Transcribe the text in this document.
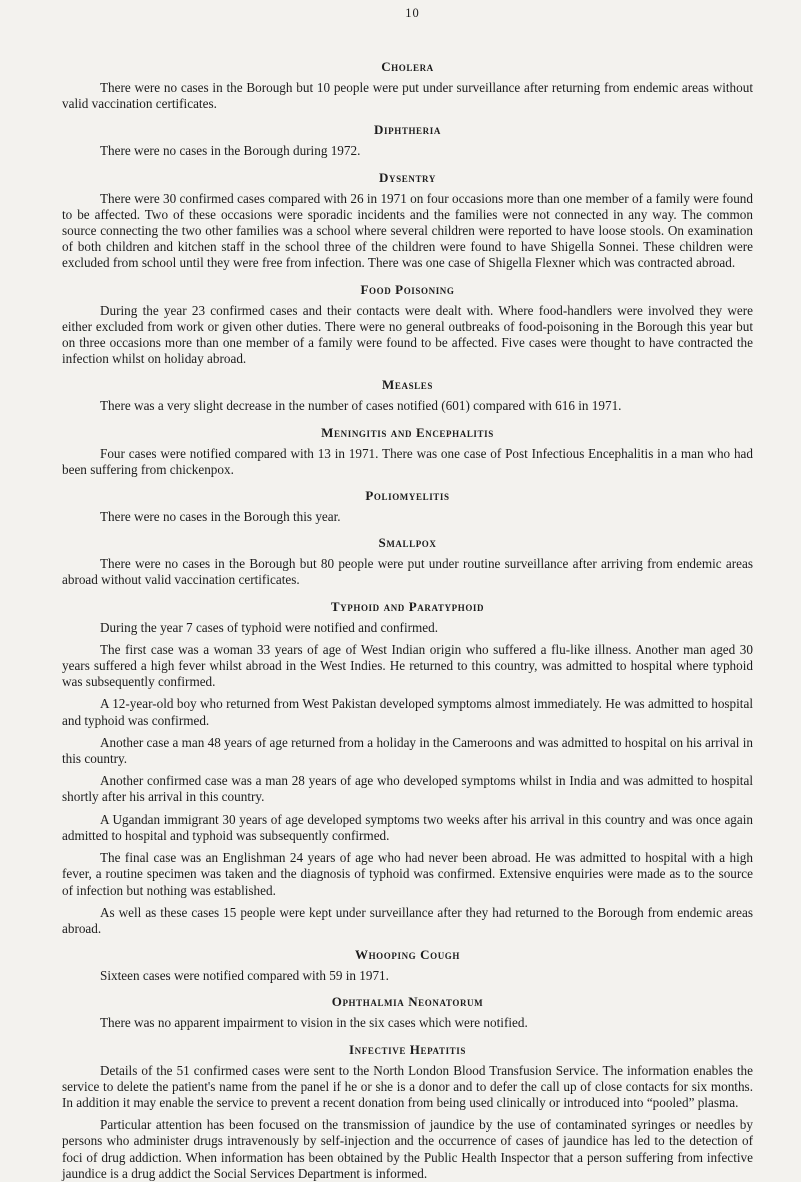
10
Cholera

There were no cases in the Borough but 10 people were put under surveillance after returning from endemic areas without valid vaccination certificates.

Diphtheria

There were no cases in the Borough during 1972.

Dysentry

There were 30 confirmed cases compared with 26 in 1971 on four occasions more than one member of a family were found to be affected. Two of these occasions were sporadic incidents and the families were not connected in any way. The common source connecting the two other families was a school where several children were reported to have loose stools. On examination of both children and kitchen staff in the school three of the children were found to have Shigella Sonnei. These children were excluded from school until they were free from infection. There was one case of Shigella Flexner which was contracted abroad.

Food Poisoning

During the year 23 confirmed cases and their contacts were dealt with. Where food-handlers were involved they were either excluded from work or given other duties. There were no general outbreaks of food-poisoning in the Borough this year but on three occasions more than one member of a family were found to be affected. Five cases were thought to have contracted the infection whilst on holiday abroad.

Measles

There was a very slight decrease in the number of cases notified (601) compared with 616 in 1971.

Meningitis and Encephalitis

Four cases were notified compared with 13 in 1971. There was one case of Post Infectious Encephalitis in a man who had been suffering from chickenpox.

Poliomyelitis

There were no cases in the Borough this year.

Smallpox

There were no cases in the Borough but 80 people were put under routine surveillance after arriving from endemic areas abroad without valid vaccination certificates.

Typhoid and Paratyphoid

During the year 7 cases of typhoid were notified and confirmed.

The first case was a woman 33 years of age of West Indian origin who suffered a flu-like illness. Another man aged 30 years suffered a high fever whilst abroad in the West Indies. He returned to this country, was admitted to hospital where typhoid was subsequently confirmed.

A 12-year-old boy who returned from West Pakistan developed symptoms almost immediately. He was admitted to hospital and typhoid was confirmed.

Another case a man 48 years of age returned from a holiday in the Cameroons and was admitted to hospital on his arrival in this country.

Another confirmed case was a man 28 years of age who developed symptoms whilst in India and was admitted to hospital shortly after his arrival in this country.

A Ugandan immigrant 30 years of age developed symptoms two weeks after his arrival in this country and was once again admitted to hospital and typhoid was subsequently confirmed.

The final case was an Englishman 24 years of age who had never been abroad. He was admitted to hospital with a high fever, a routine specimen was taken and the diagnosis of typhoid was confirmed. Extensive enquiries were made as to the source of infection but nothing was established.

As well as these cases 15 people were kept under surveillance after they had returned to the Borough from endemic areas abroad.

Whooping Cough

Sixteen cases were notified compared with 59 in 1971.

Ophthalmia Neonatorum

There was no apparent impairment to vision in the six cases which were notified.

Infective Hepatitis

Details of the 51 confirmed cases were sent to the North London Blood Transfusion Service. The information enables the service to delete the patient's name from the panel if he or she is a donor and to defer the call up of close contacts for six months. In addition it may enable the service to prevent a recent donation from being used clinically or introduced into “pooled” plasma.

Particular attention has been focused on the transmission of jaundice by the use of contaminated syringes or needles by persons who administer drugs intravenously by self-injection and the occurrence of cases of jaundice has led to the detection of foci of drug addiction. When information has been obtained by the Public Health Inspector that a person suffering from infective jaundice is a drug addict the Social Services Department is informed.
